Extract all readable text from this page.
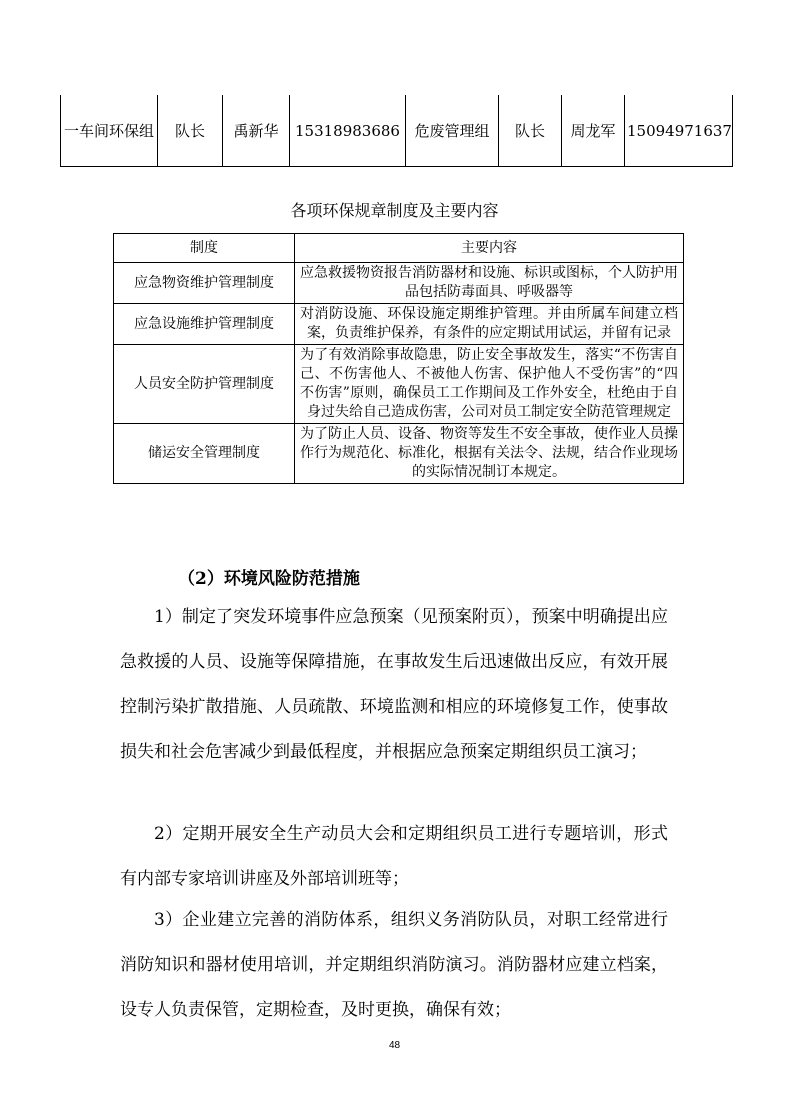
一车间环保组	队长	禹新华	15318983686	危废管理组	队长	周龙军	15094971637
各项环保规章制度及主要内容
制度	主要内容
应急物资维护管理制度	应急救援物资报告消防器材和设施、标识或图标，个人防护用品包括防毒面具、呼吸器等
应急设施维护管理制度	对消防设施、环保设施定期维护管理。并由所属车间建立档案，负责维护保养，有条件的应定期试用试运，并留有记录
人员安全防护管理制度	为了有效消除事故隐患，防止安全事故发生，落实“不伤害自己、不伤害他人、不被他人伤害、保护他人不受伤害”的“四不伤害”原则，确保员工工作期间及工作外安全，杜绝由于自身过失给自己造成伤害，公司对员工制定安全防范管理规定
储运安全管理制度	为了防止人员、设备、物资等发生不安全事故，使作业人员操作行为规范化、标准化，根据有关法令、法规，结合作业现场的实际情况制订本规定。
（2）环境风险防范措施

1）制定了突发环境事件应急预案（见预案附页），预案中明确提出应急救援的人员、设施等保障措施，在事故发生后迅速做出反应，有效开展控制污染扩散措施、人员疏散、环境监测和相应的环境修复工作，使事故损失和社会危害减少到最低程度，并根据应急预案定期组织员工演习；

2）定期开展安全生产动员大会和定期组织员工进行专题培训，形式有内部专家培训讲座及外部培训班等；

3）企业建立完善的消防体系，组织义务消防队员，对职工经常进行消防知识和器材使用培训，并定期组织消防演习。消防器材应建立档案，设专人负责保管，定期检查，及时更换，确保有效；

48
